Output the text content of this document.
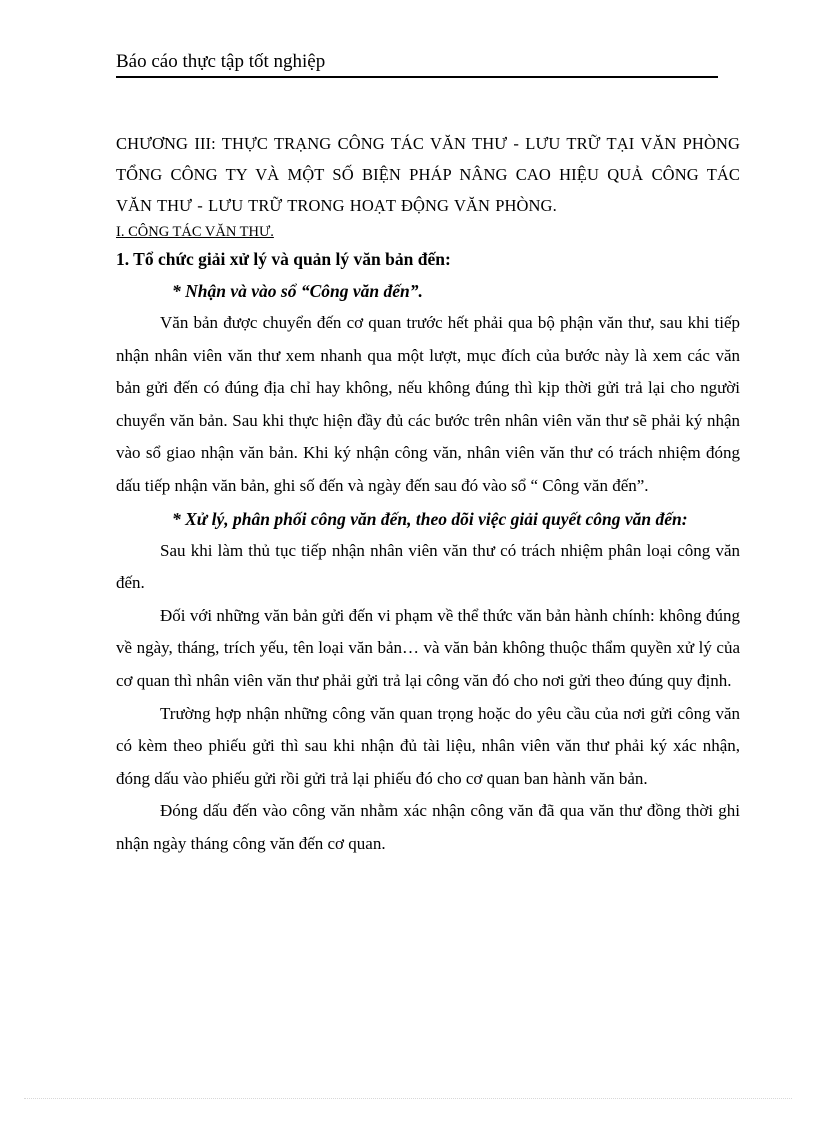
Báo cáo thực tập tốt nghiệp
CHƯƠNG III: THỰC TRẠNG CÔNG TÁC VĂN THƯ - LƯU TRỮ TẠI VĂN PHÒNG TỔNG CÔNG TY VÀ MỘT SỐ BIỆN PHÁP NÂNG CAO HIỆU QUẢ CÔNG TÁC VĂN THƯ - LƯU TRỮ TRONG HOẠT ĐỘNG VĂN PHÒNG.
I. CÔNG TÁC VĂN THƯ.
1. Tổ chức giải xử lý và quản lý văn bản đến:
* Nhận và vào sổ “Công văn đến”.

Văn bản được chuyển đến cơ quan trước hết phải qua bộ phận văn thư, sau khi tiếp nhận nhân viên văn thư xem nhanh qua một lượt, mục đích của bước này là xem các văn bản gửi đến có đúng địa chỉ hay không, nếu không đúng thì kịp thời gửi trả lại cho người chuyển văn bản. Sau khi thực hiện đầy đủ các bước trên nhân viên văn thư sẽ phải ký nhận vào sổ giao nhận văn bản. Khi ký nhận công văn, nhân viên văn thư có trách nhiệm đóng dấu tiếp nhận văn bản, ghi số đến và ngày đến sau đó vào sổ “ Công văn đến”.

* Xử lý, phân phối công văn đến, theo dõi việc giải quyết công văn đến:

Sau khi làm thủ tục tiếp nhận nhân viên văn thư có trách nhiệm phân loại công văn đến.

Đối với những văn bản gửi đến vi phạm về thể thức văn bản hành chính: không đúng về ngày, tháng, trích yếu, tên loại văn bản… và văn bản không thuộc thẩm quyền xử lý của cơ quan thì nhân viên văn thư phải gửi trả lại công văn đó cho nơi gửi theo đúng quy định.

Trường hợp nhận những công văn quan trọng hoặc do yêu cầu của nơi gửi công văn có kèm theo phiếu gửi thì sau khi nhận đủ tài liệu, nhân viên văn thư phải ký xác nhận, đóng dấu vào phiếu gửi rồi gửi trả lại phiếu đó cho cơ quan ban hành văn bản.

Đóng dấu đến vào công văn nhằm xác nhận công văn đã qua văn thư đồng thời ghi nhận ngày tháng công văn đến cơ quan.
